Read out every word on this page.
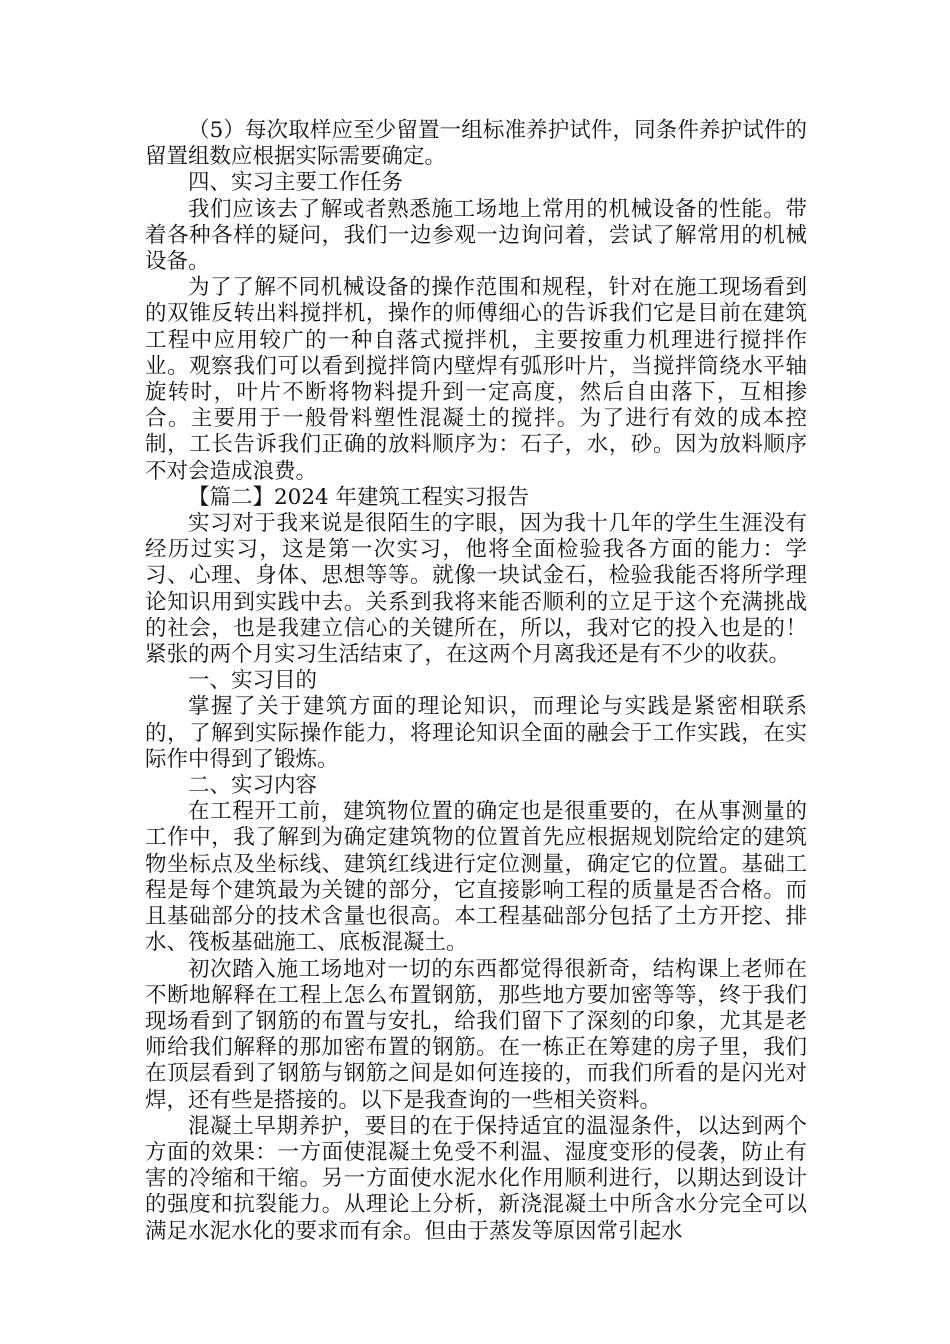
（5）每次取样应至少留置一组标准养护试件，同条件养护试件的留置组数应根据实际需要确定。

四、实习主要工作任务

我们应该去了解或者熟悉施工场地上常用的机械设备的性能。带着各种各样的疑问，我们一边参观一边询问着，尝试了解常用的机械设备。

为了了解不同机械设备的操作范围和规程，针对在施工现场看到的双锥反转出料搅拌机，操作的师傅细心的告诉我们它是目前在建筑工程中应用较广的一种自落式搅拌机，主要按重力机理进行搅拌作业。观察我们可以看到搅拌筒内壁焊有弧形叶片，当搅拌筒绕水平轴旋转时，叶片不断将物料提升到一定高度，然后自由落下，互相掺合。主要用于一般骨料塑性混凝土的搅拌。为了进行有效的成本控制，工长告诉我们正确的放料顺序为：石子，水，砂。因为放料顺序不对会造成浪费。

【篇二】2024 年建筑工程实习报告

实习对于我来说是很陌生的字眼，因为我十几年的学生生涯没有经历过实习，这是第一次实习，他将全面检验我各方面的能力：学习、心理、身体、思想等等。就像一块试金石，检验我能否将所学理论知识用到实践中去。关系到我将来能否顺利的立足于这个充满挑战的社会，也是我建立信心的关键所在，所以，我对它的投入也是的！紧张的两个月实习生活结束了，在这两个月离我还是有不少的收获。

一、实习目的

掌握了关于建筑方面的理论知识，而理论与实践是紧密相联系的，了解到实际操作能力，将理论知识全面的融会于工作实践，在实际作中得到了锻炼。

二、实习内容

在工程开工前，建筑物位置的确定也是很重要的，在从事测量的工作中，我了解到为确定建筑物的位置首先应根据规划院给定的建筑物坐标点及坐标线、建筑红线进行定位测量，确定它的位置。基础工程是每个建筑最为关键的部分，它直接影响工程的质量是否合格。而且基础部分的技术含量也很高。本工程基础部分包括了土方开挖、排水、筏板基础施工、底板混凝土。

初次踏入施工场地对一切的东西都觉得很新奇，结构课上老师在不断地解释在工程上怎么布置钢筋，那些地方要加密等等，终于我们现场看到了钢筋的布置与安扎，给我们留下了深刻的印象，尤其是老师给我们解释的那加密布置的钢筋。在一栋正在筹建的房子里，我们在顶层看到了钢筋与钢筋之间是如何连接的，而我们所看的是闪光对焊，还有些是搭接的。以下是我查询的一些相关资料。

混凝土早期养护，要目的在于保持适宜的温湿条件，以达到两个方面的效果：一方面使混凝土免受不利温、湿度变形的侵袭，防止有害的冷缩和干缩。另一方面使水泥水化作用顺利进行，以期达到设计的强度和抗裂能力。从理论上分析，新浇混凝土中所含水分完全可以满足水泥水化的要求而有余。但由于蒸发等原因常引起水
